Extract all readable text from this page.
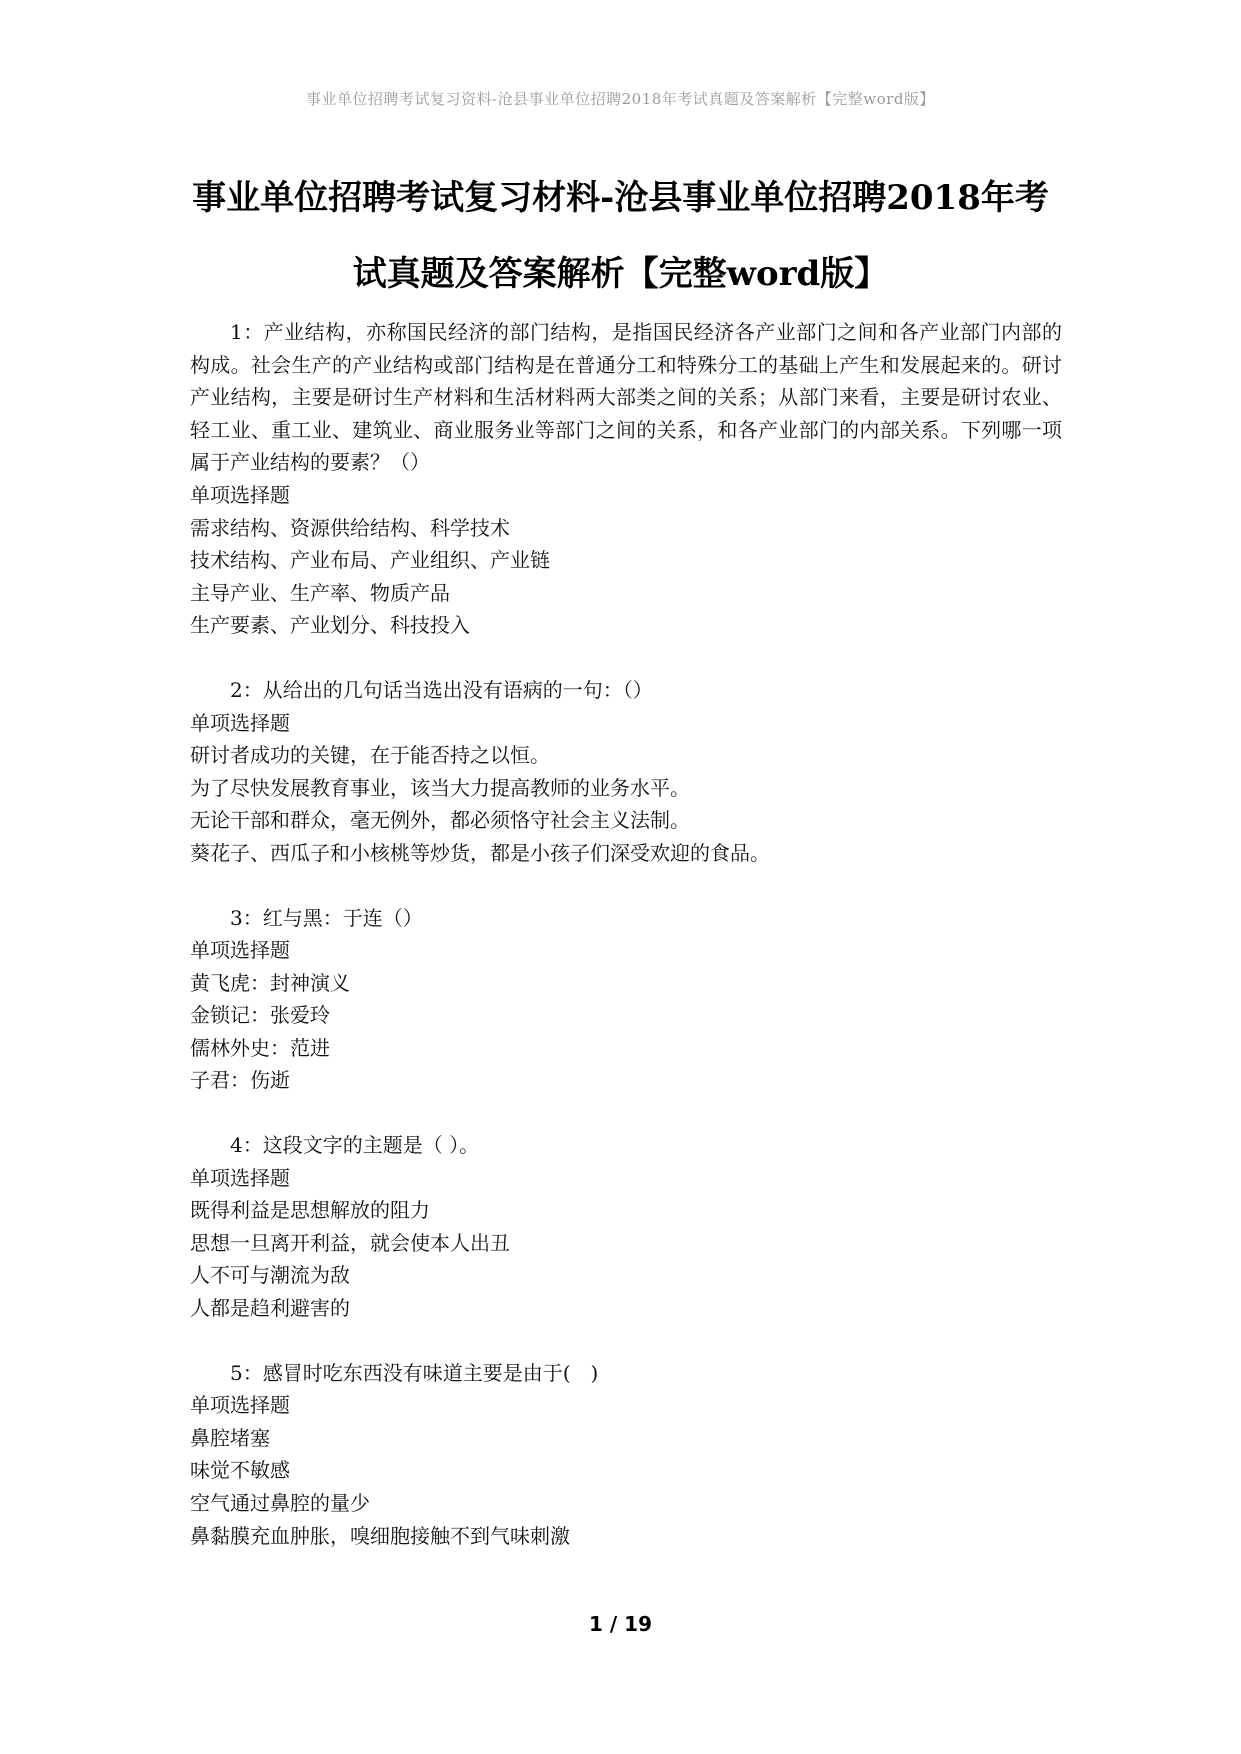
事业单位招聘考试复习资料-沧县事业单位招聘2018年考试真题及答案解析【完整word版】
事业单位招聘考试复习材料-沧县事业单位招聘2018年考
试真题及答案解析【完整word版】
1：产业结构，亦称国民经济的部门结构，是指国民经济各产业部门之间和各产业部门内部的构成。社会生产的产业结构或部门结构是在普通分工和特殊分工的基础上产生和发展起来的。研讨产业结构，主要是研讨生产材料和生活材料两大部类之间的关系；从部门来看，主要是研讨农业、轻工业、重工业、建筑业、商业服务业等部门之间的关系，和各产业部门的内部关系。下列哪一项属于产业结构的要素？（）
单项选择题
需求结构、资源供给结构、科学技术
技术结构、产业布局、产业组织、产业链
主导产业、生产率、物质产品
生产要素、产业划分、科技投入
2：从给出的几句话当选出没有语病的一句：（）
单项选择题
研讨者成功的关键，在于能否持之以恒。
为了尽快发展教育事业，该当大力提高教师的业务水平。
无论干部和群众，毫无例外，都必须恪守社会主义法制。
葵花子、西瓜子和小核桃等炒货，都是小孩子们深受欢迎的食品。
3：红与黑：于连（）
单项选择题
黄飞虎：封神演义
金锁记：张爱玲
儒林外史：范进
子君：伤逝
4：这段文字的主题是（ ）。
单项选择题
既得利益是思想解放的阻力
思想一旦离开利益，就会使本人出丑
人不可与潮流为敌
人都是趋利避害的
5：感冒时吃东西没有味道主要是由于(　)
单项选择题
鼻腔堵塞
味觉不敏感
空气通过鼻腔的量少
鼻黏膜充血肿胀，嗅细胞接触不到气味刺激
1 / 19
